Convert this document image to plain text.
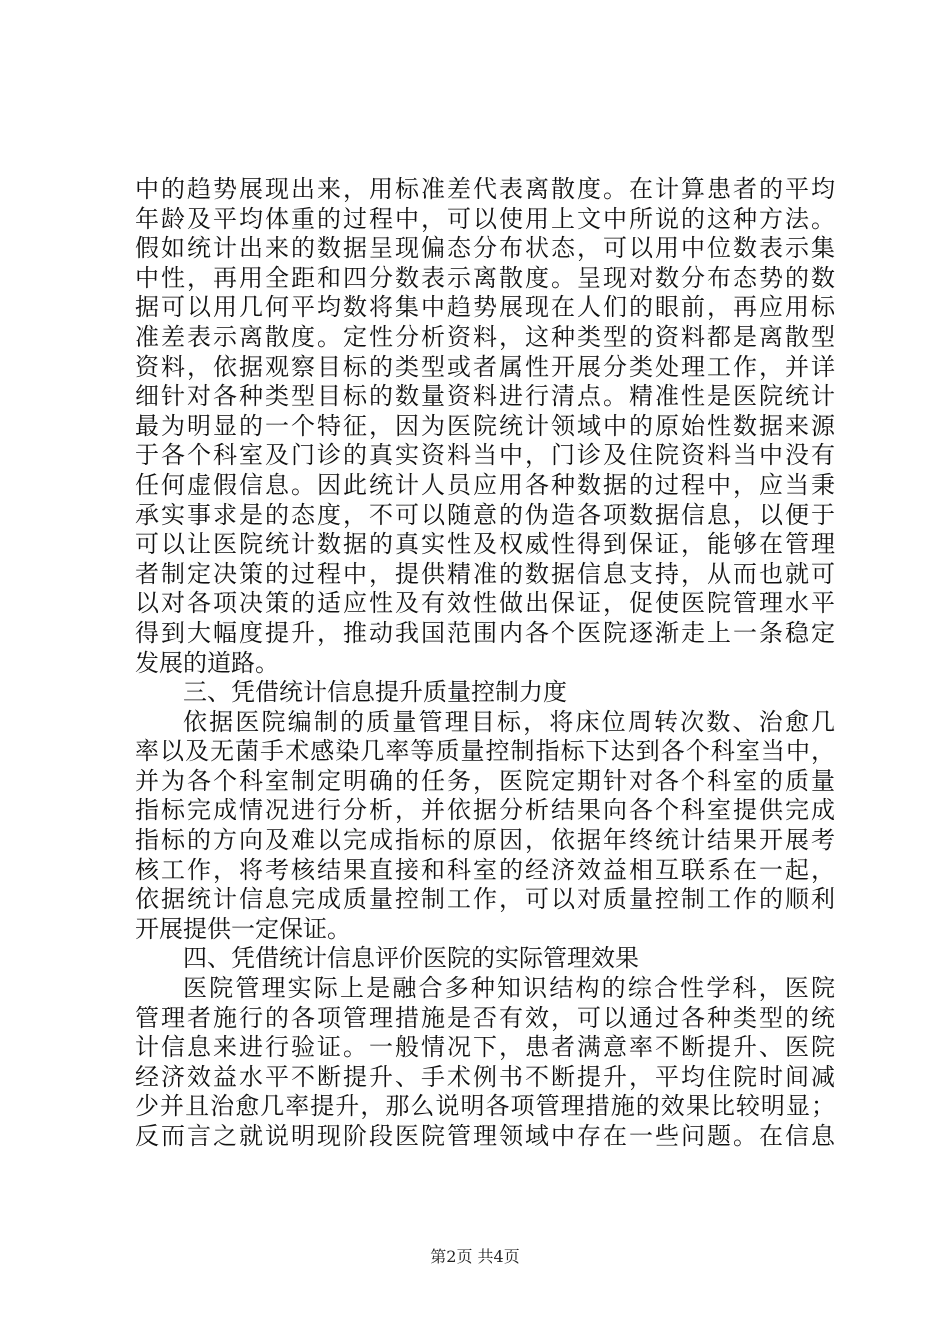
中的趋势展现出来，用标准差代表离散度。在计算患者的平均
年龄及平均体重的过程中，可以使用上文中所说的这种方法。
假如统计出来的数据呈现偏态分布状态，可以用中位数表示集
中性，再用全距和四分数表示离散度。呈现对数分布态势的数
据可以用几何平均数将集中趋势展现在人们的眼前，再应用标
准差表示离散度。定性分析资料，这种类型的资料都是离散型
资料，依据观察目标的类型或者属性开展分类处理工作，并详
细针对各种类型目标的数量资料进行清点。精准性是医院统计
最为明显的一个特征，因为医院统计领域中的原始性数据来源
于各个科室及门诊的真实资料当中，门诊及住院资料当中没有
任何虚假信息。因此统计人员应用各种数据的过程中，应当秉
承实事求是的态度，不可以随意的伪造各项数据信息，以便于
可以让医院统计数据的真实性及权威性得到保证，能够在管理
者制定决策的过程中，提供精准的数据信息支持，从而也就可
以对各项决策的适应性及有效性做出保证，促使医院管理水平
得到大幅度提升，推动我国范围内各个医院逐渐走上一条稳定
发展的道路。
三、凭借统计信息提升质量控制力度
依据医院编制的质量管理目标，将床位周转次数、治愈几
率以及无菌手术感染几率等质量控制指标下达到各个科室当中，
并为各个科室制定明确的任务，医院定期针对各个科室的质量
指标完成情况进行分析，并依据分析结果向各个科室提供完成
指标的方向及难以完成指标的原因，依据年终统计结果开展考
核工作，将考核结果直接和科室的经济效益相互联系在一起，
依据统计信息完成质量控制工作，可以对质量控制工作的顺利
开展提供一定保证。
四、凭借统计信息评价医院的实际管理效果
医院管理实际上是融合多种知识结构的综合性学科，医院
管理者施行的各项管理措施是否有效，可以通过各种类型的统
计信息来进行验证。一般情况下，患者满意率不断提升、医院
经济效益水平不断提升、手术例书不断提升，平均住院时间减
少并且治愈几率提升，那么说明各项管理措施的效果比较明显；
反而言之就说明现阶段医院管理领域中存在一些问题。在信息
第2页 共4页
